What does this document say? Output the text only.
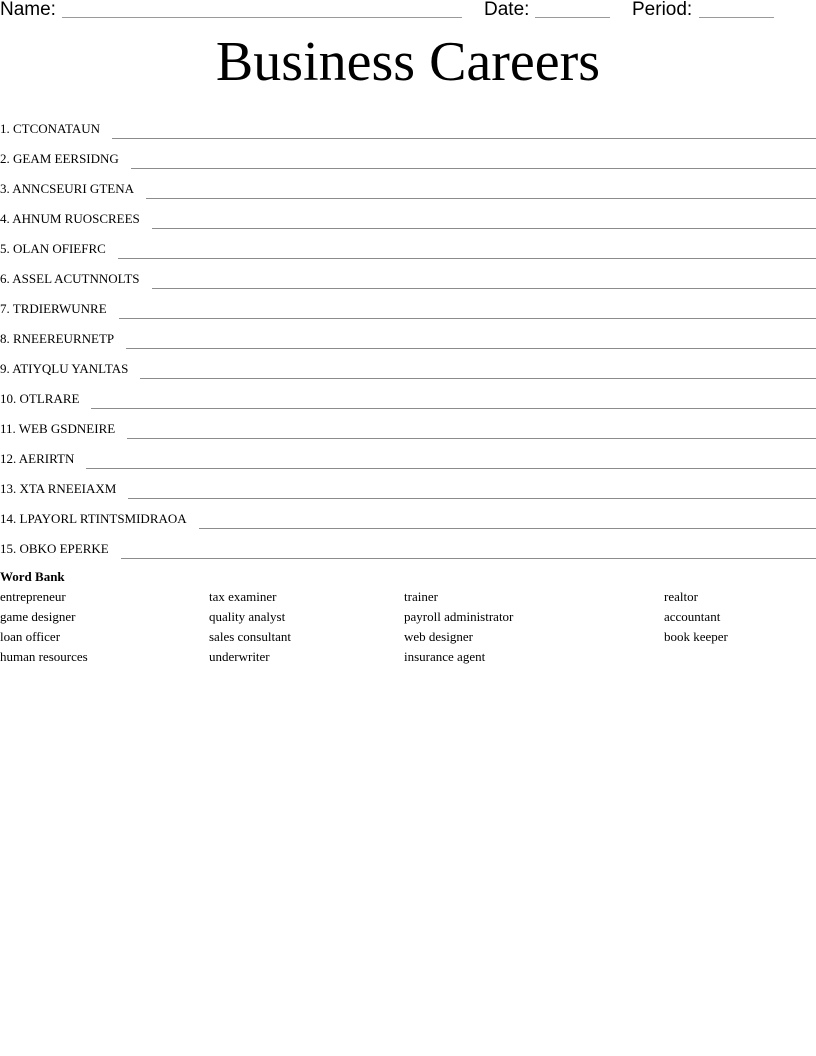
Name:	Date:	Period:
Business Careers
1. CTCONATAUN
2. GEAM EERSIDNG
3. ANNCSEURI GTENA
4. AHNUM RUOSCREES
5. OLAN OFIEFRC
6. ASSEL ACUTNNOLTS
7. TRDIERWUNRE
8. RNEEREURNETP
9. ATIYQLU YANLTAS
10. OTLRARE
11. WEB GSDNEIRE
12. AERIRTN
13. XTA RNEEIAXM
14. LPAYORL RTINTSMIDRAOA
15. OBKO EPERKE
Word Bank
entrepreneur	tax examiner	trainer	realtor
game designer	quality analyst	payroll administrator	accountant
loan officer	sales consultant	web designer	book keeper
human resources	underwriter	insurance agent
